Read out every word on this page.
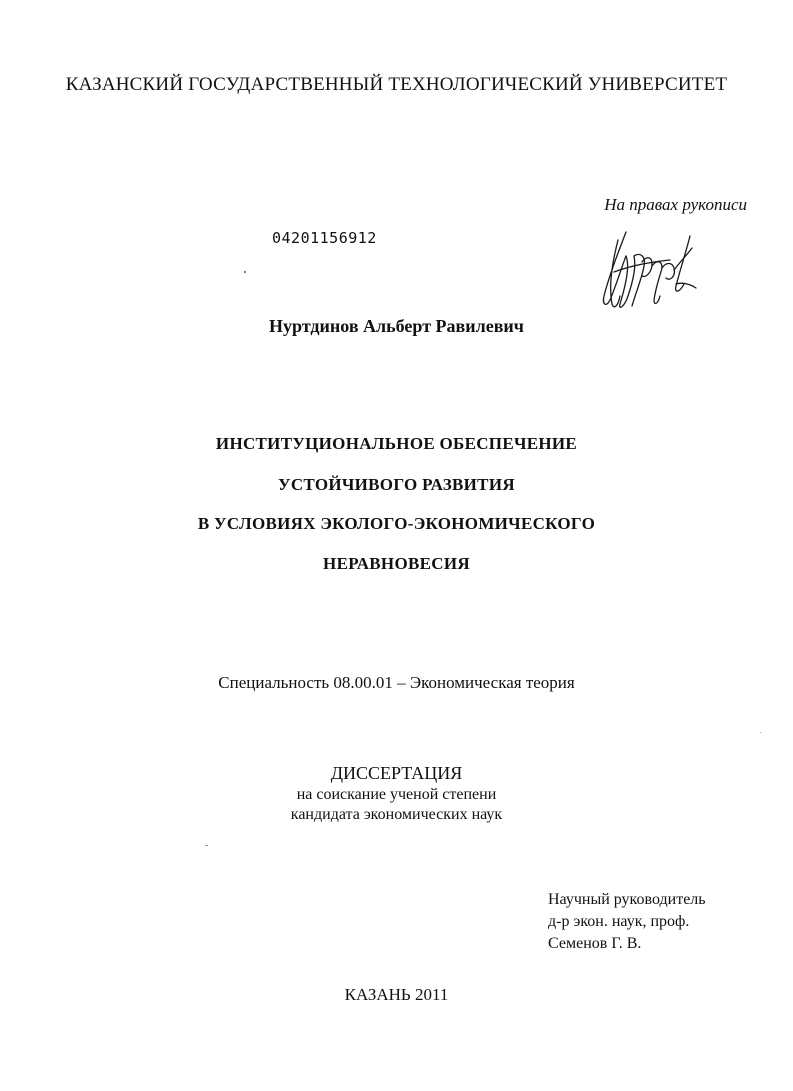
КАЗАНСКИЙ ГОСУДАРСТВЕННЫЙ ТЕХНОЛОГИЧЕСКИЙ УНИВЕРСИТЕТ
На правах рукописи
04201156912
Нуртдинов Альберт Равилевич
ИНСТИТУЦИОНАЛЬНОЕ ОБЕСПЕЧЕНИЕ
УСТОЙЧИВОГО РАЗВИТИЯ
В УСЛОВИЯХ ЭКОЛОГО-ЭКОНОМИЧЕСКОГО
НЕРАВНОВЕСИЯ
Специальность 08.00.01 – Экономическая теория
ДИССЕРТАЦИЯ
на соискание ученой степени
кандидата экономических наук
Научный руководитель
д-р экон. наук, проф.
Семенов Г. В.
КАЗАНЬ 2011
